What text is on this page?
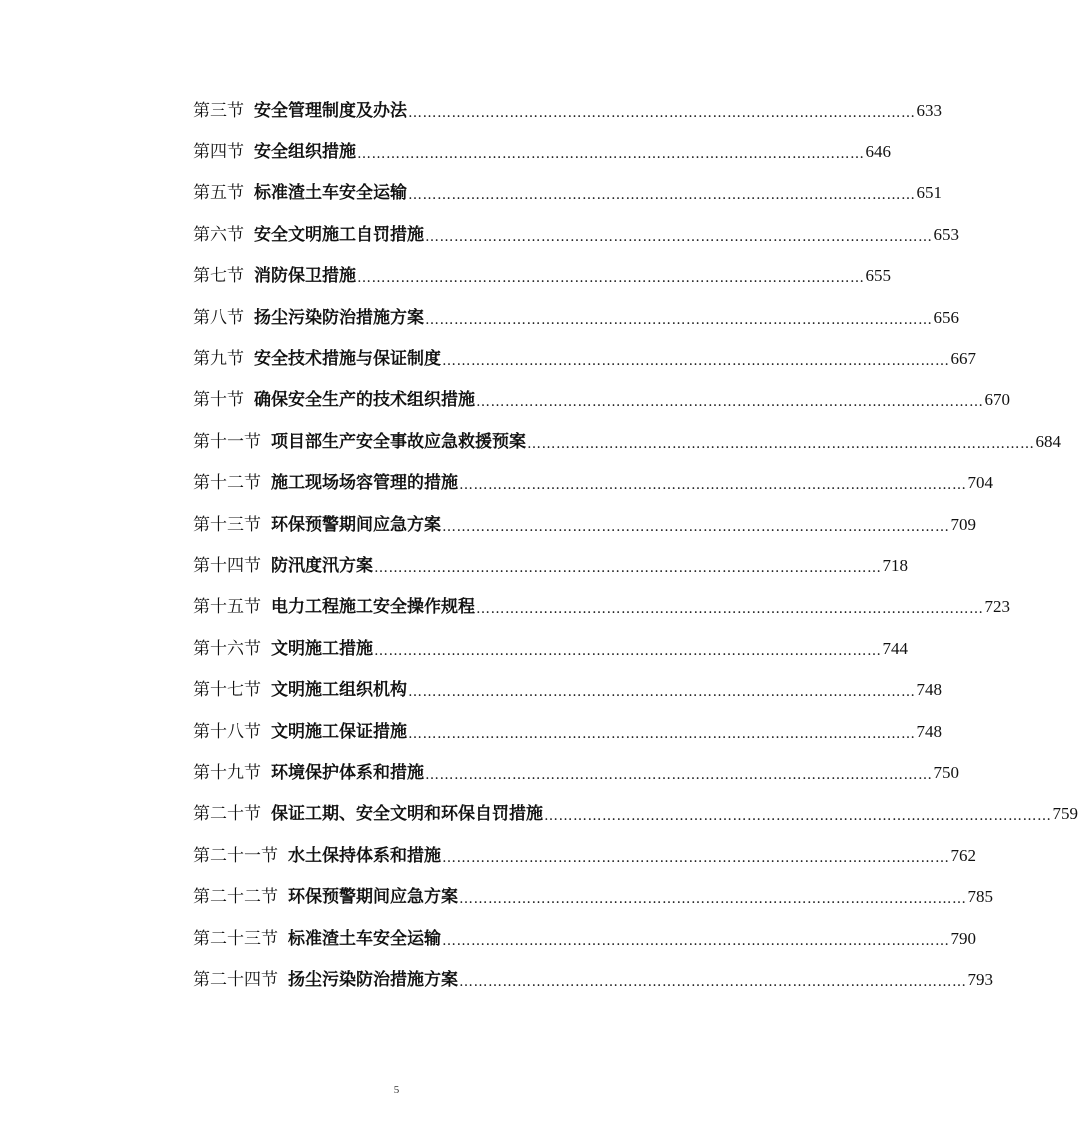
第三节 安全管理制度及办法 …………………………………………………………………………………………… 633
第四节 安全组织措施 …………………………………………………………………………………………… 646
第五节 标准渣土车安全运输 …………………………………………………………………………………………… 651
第六节 安全文明施工自罚措施 …………………………………………………………………………………………… 653
第七节 消防保卫措施 …………………………………………………………………………………………… 655
第八节 扬尘污染防治措施方案 …………………………………………………………………………………………… 656
第九节 安全技术措施与保证制度 …………………………………………………………………………………………… 667
第十节 确保安全生产的技术组织措施 …………………………………………………………………………………………… 670
第十一节 项目部生产安全事故应急救援预案 …………………………………………………………………………………………… 684
第十二节 施工现场场容管理的措施 …………………………………………………………………………………………… 704
第十三节 环保预警期间应急方案 …………………………………………………………………………………………… 709
第十四节 防汛度汛方案 …………………………………………………………………………………………… 718
第十五节 电力工程施工安全操作规程 …………………………………………………………………………………………… 723
第十六节 文明施工措施 …………………………………………………………………………………………… 744
第十七节 文明施工组织机构 …………………………………………………………………………………………… 748
第十八节 文明施工保证措施 …………………………………………………………………………………………… 748
第十九节 环境保护体系和措施 …………………………………………………………………………………………… 750
第二十节 保证工期、安全文明和环保自罚措施 …………………………………………………………………………………………… 759
第二十一节 水土保持体系和措施 …………………………………………………………………………………………… 762
第二十二节 环保预警期间应急方案 …………………………………………………………………………………………… 785
第二十三节 标准渣土车安全运输 …………………………………………………………………………………………… 790
第二十四节 扬尘污染防治措施方案 …………………………………………………………………………………………… 793
5
